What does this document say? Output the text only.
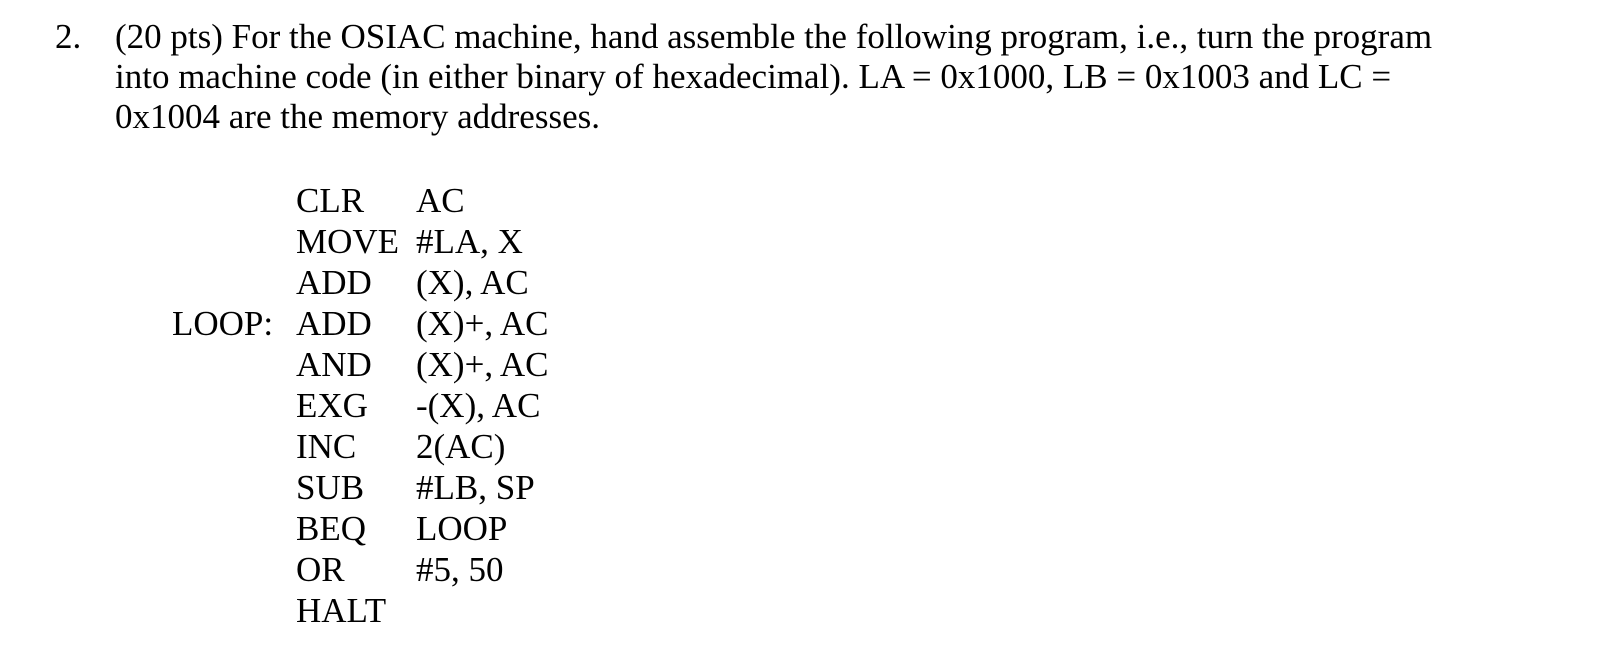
2. (20 pts) For the OSIAC machine, hand assemble the following program, i.e., turn the program
into machine code (in either binary of hexadecimal). LA = 0x1000, LB = 0x1003 and LC =
0x1004 are the memory addresses.
CLR AC
MOVE #LA, X
ADD (X), AC
LOOP: ADD (X)+, AC
AND (X)+, AC
EXG -(X), AC
INC 2(AC)
SUB #LB, SP
BEQ LOOP
OR #5, 50
HALT
